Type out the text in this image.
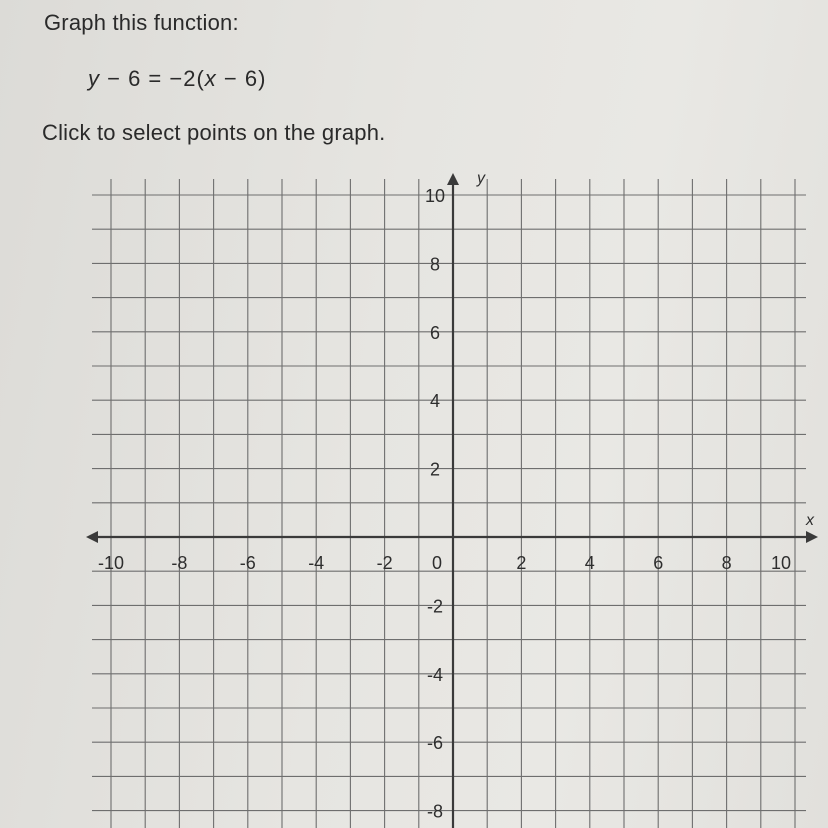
Graph this function:
y − 6 = −2(x − 6)
Click to select points on the graph.
x
y
-10	-8	-6	-4	-2 0	2	4	6	8 10
10
8
6
4
2
-2
-4
-6
-8
